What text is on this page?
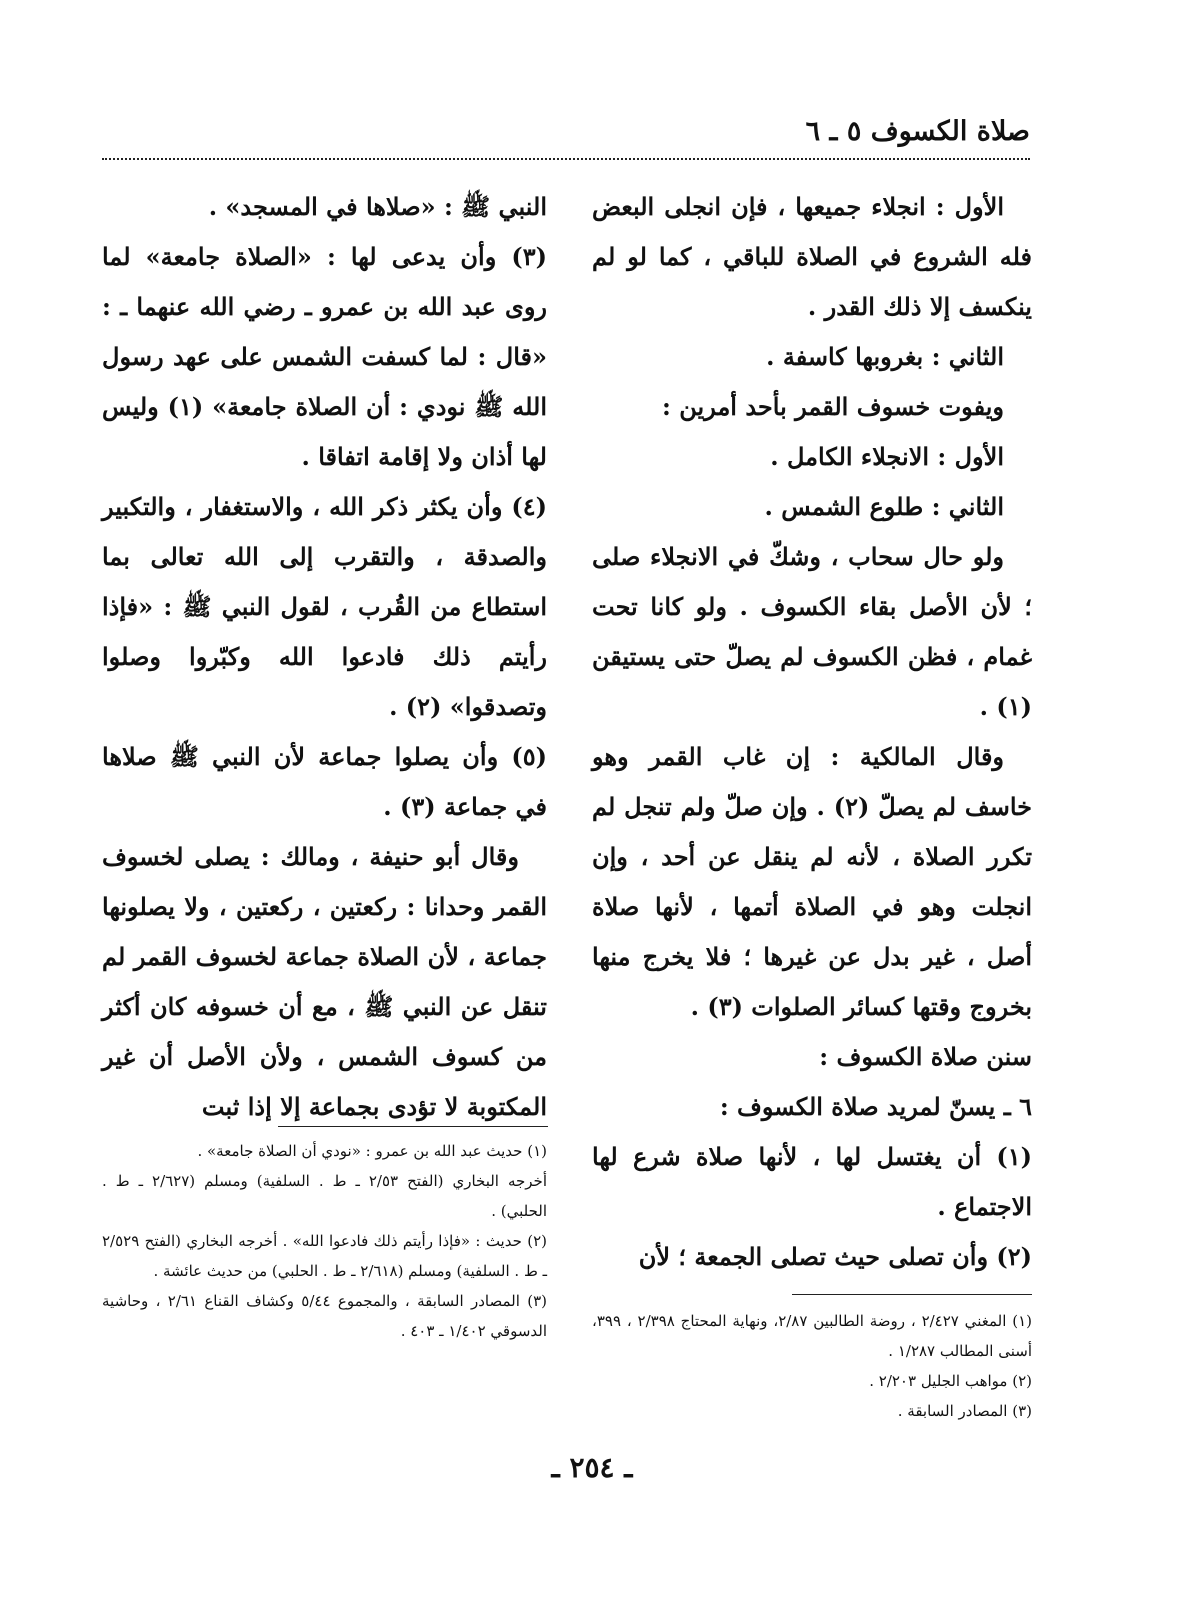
صلاة الكسوف ٥ ـ ٦

الأول : انجلاء جميعها ، فإن انجلى البعض فله الشروع في الصلاة للباقي ، كما لو لم ينكسف إلا ذلك القدر .

الثاني : بغروبها كاسفة .

ويفوت خسوف القمر بأحد أمرين :

الأول : الانجلاء الكامل .

الثاني : طلوع الشمس .

ولو حال سحاب ، وشكّ في الانجلاء صلى ؛ لأن الأصل بقاء الكسوف . ولو كانا تحت غمام ، فظن الكسوف لم يصلّ حتى يستيقن (١) .

وقال المالكية : إن غاب القمر وهو خاسف لم يصلّ (٢) . وإن صلّ ولم تنجل لم تكرر الصلاة ، لأنه لم ينقل عن أحد ، وإن انجلت وهو في الصلاة أتمها ، لأنها صلاة أصل ، غير بدل عن غيرها ؛ فلا يخرج منها بخروج وقتها كسائر الصلوات (٣) .

سنن صلاة الكسوف :

٦ ـ يسنّ لمريد صلاة الكسوف :

(١) أن يغتسل لها ، لأنها صلاة شرع لها الاجتماع .

(٢) وأن تصلى حيث تصلى الجمعة ؛ لأن

النبي ﷺ : «صلاها في المسجد» .

(٣) وأن يدعى لها : «الصلاة جامعة» لما روى عبد الله بن عمرو ـ رضي الله عنهما ـ : «قال : لما كسفت الشمس على عهد رسول الله ﷺ نودي : أن الصلاة جامعة» (١) وليس لها أذان ولا إقامة اتفاقا .

(٤) وأن يكثر ذكر الله ، والاستغفار ، والتكبير والصدقة ، والتقرب إلى الله تعالى بما استطاع من القُرب ، لقول النبي ﷺ : «فإذا رأيتم ذلك فادعوا الله وكبّروا وصلوا وتصدقوا» (٢) .

(٥) وأن يصلوا جماعة لأن النبي ﷺ صلاها في جماعة (٣) .

وقال أبو حنيفة ، ومالك : يصلى لخسوف القمر وحدانا : ركعتين ، ركعتين ، ولا يصلونها جماعة ، لأن الصلاة جماعة لخسوف القمر لم تنقل عن النبي ﷺ ، مع أن خسوفه كان أكثر من كسوف الشمس ، ولأن الأصل أن غير المكتوبة لا تؤدى بجماعة إلا إذا ثبت

(١) حديث عبد الله بن عمرو : «نودي أن الصلاة جامعة» .

أخرجه البخاري (الفتح ٢/٥٣ ـ ط . السلفية) ومسلم (٢/٦٢٧ ـ ط . الحلبي) .

(٢) حديث : «فإذا رأيتم ذلك فادعوا الله» . أخرجه البخاري (الفتح ٢/٥٢٩ ـ ط . السلفية) ومسلم (٢/٦١٨ ـ ط . الحلبي) من حديث عائشة .

(٣) المصادر السابقة ، والمجموع ٥/٤٤ وكشاف القناع ٢/٦١ ، وحاشية الدسوقي ١/٤٠٢ ـ ٤٠٣ .

(١) المغني ٢/٤٢٧ ، روضة الطالبين ٢/٨٧، ونهاية المحتاج ٢/٣٩٨ ، ٣٩٩، أسنى المطالب ١/٢٨٧ .

(٢) مواهب الجليل ٢/٢٠٣ .

(٣) المصادر السابقة .

ـ ٢٥٤ ـ
